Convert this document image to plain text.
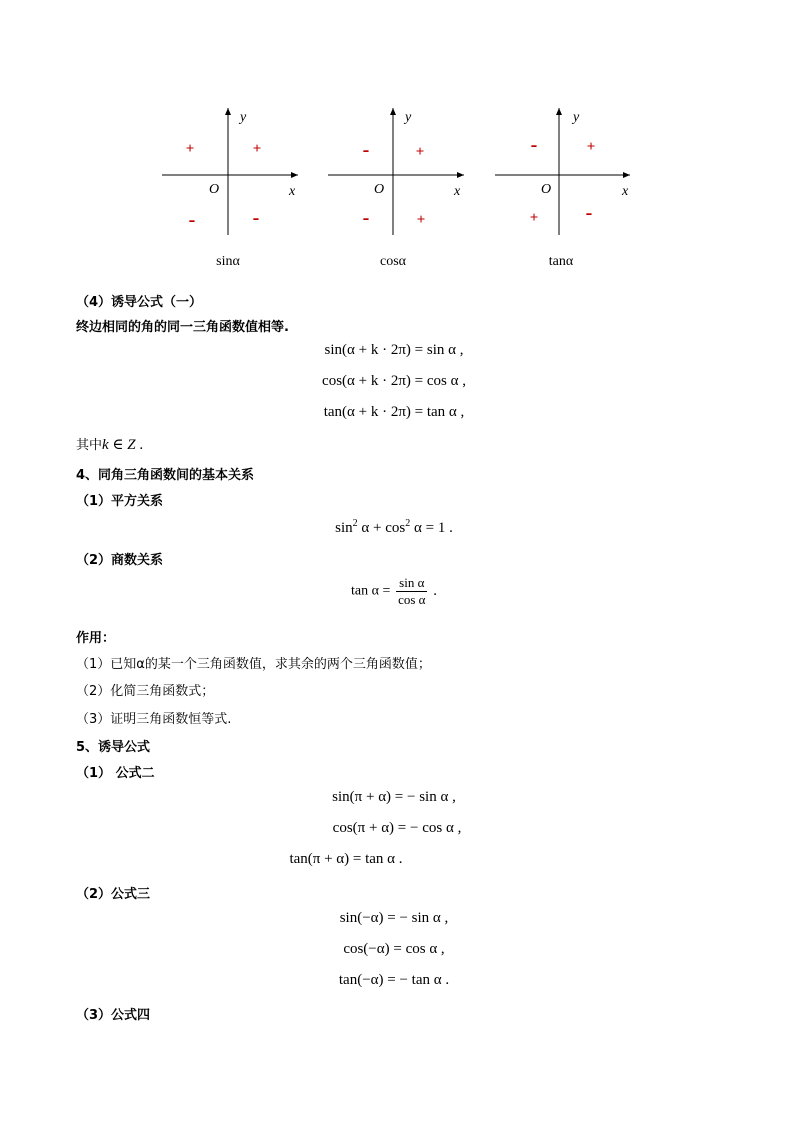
x
y
O
+
+
-	-
sinα
x
y
O
+
-
-	+
cosα
x
y
O
+
-
+ -
tanα
（4）诱导公式（一）
终边相同的角的同一三角函数值相等.
sin(α + k · 2π) = sin α ,
cos(α + k · 2π) = cos α ,
tan(α + k · 2π) = tan α ,
其中k ∈ Z .
4、同角三角函数间的基本关系
（1）平方关系
$\sin^2 \alpha + \cos^2 \alpha = 1$ .
（2）商数关系
$\tan \alpha = \frac{\text{sin α}}{\text{cos α}}$ .
作用：
（1）已知α的某一个三角函数值，求其余的两个三角函数值；
（2）化简三角函数式；
（3）证明三角函数恒等式.
5、诱导公式
（1） 公式二
sin(π + α) = − sin α ,
cos(π + α) = − cos α ,
tan(π + α) = tan α .
（2）公式三
sin(−α) = − sin α ,
cos(−α) = cos α ,
tan(−α) = − tan α .
（3）公式四
